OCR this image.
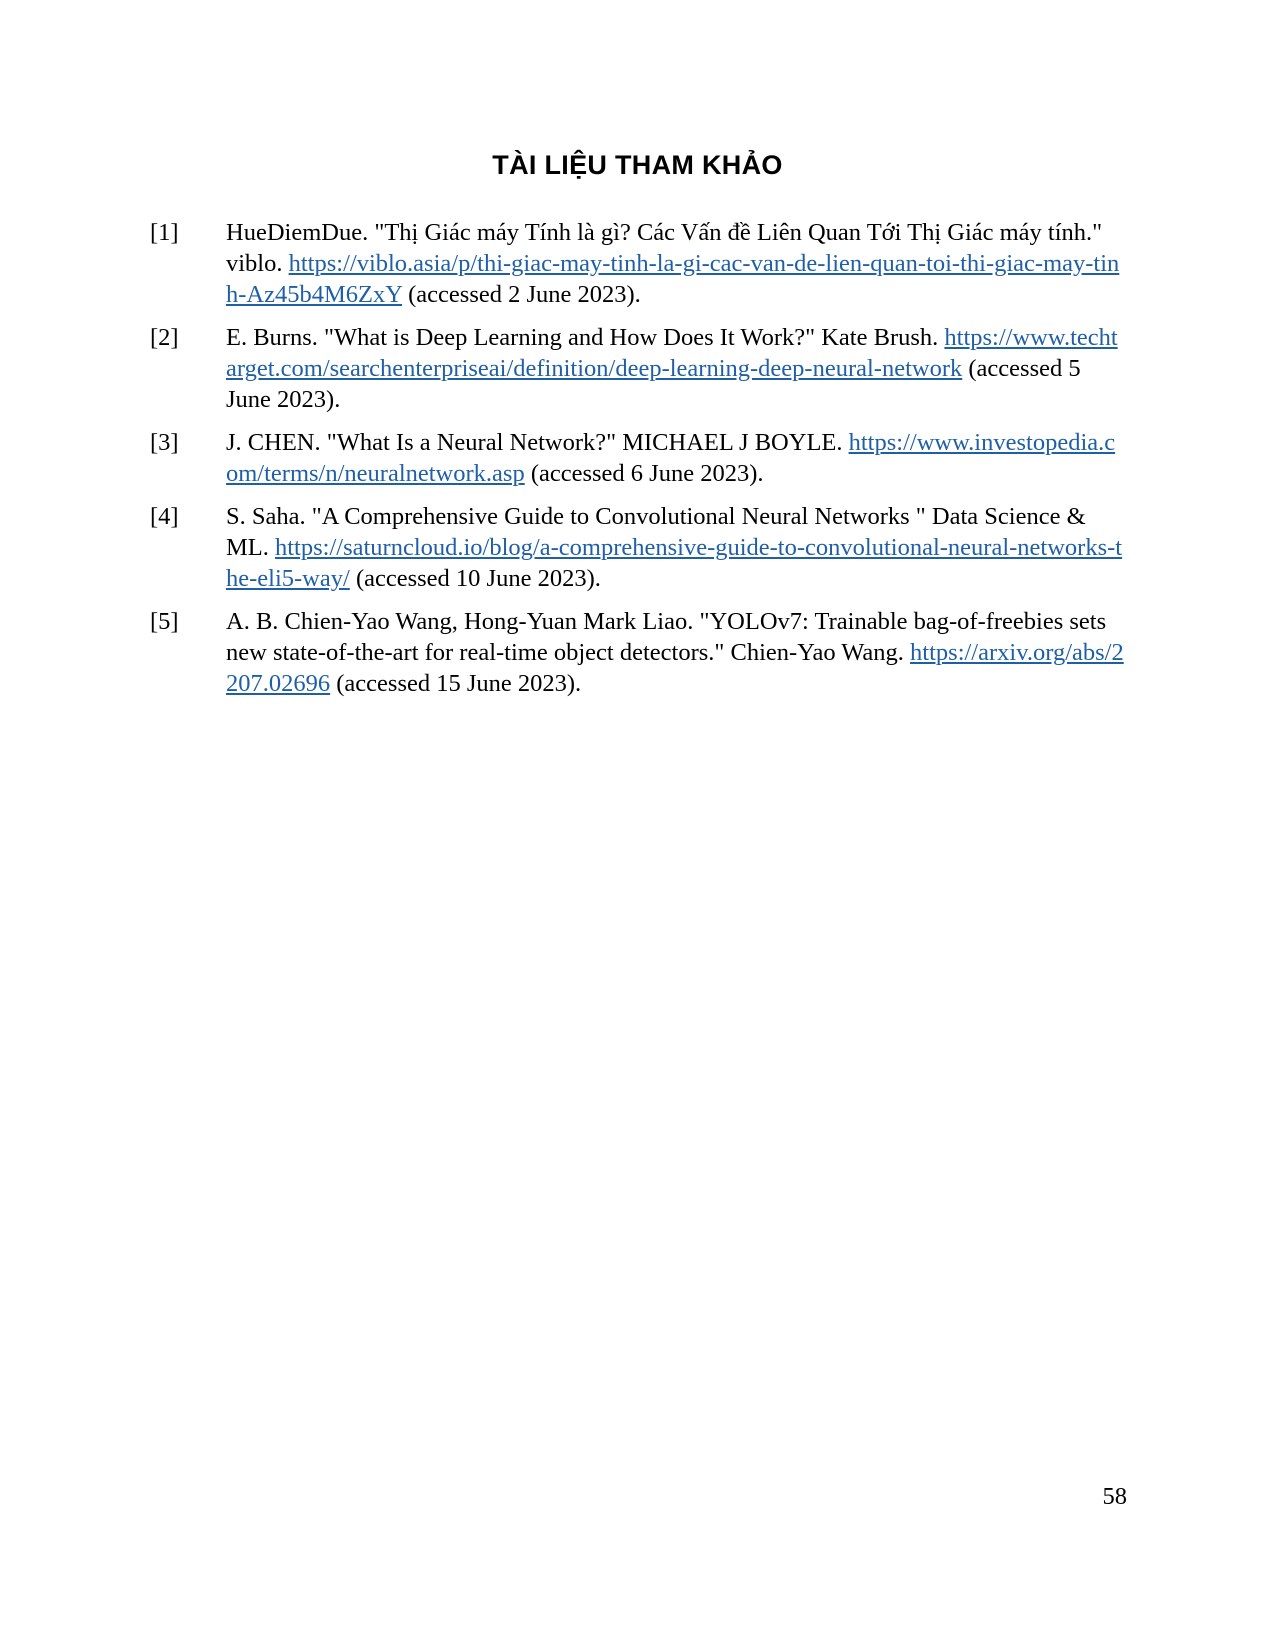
TÀI LIỆU THAM KHẢO
[1]	HueDiemDue. "Thị Giác máy Tính là gì? Các Vấn đề Liên Quan Tới Thị Giác máy tính." viblo. https://viblo.asia/p/thi-giac-may-tinh-la-gi-cac-van-de-lien-quan-toi-thi-giac-may-tinh-Az45b4M6ZxY (accessed 2 June 2023).
[2]	E. Burns. "What is Deep Learning and How Does It Work?" Kate Brush. https://www.techtarget.com/searchenterpriseai/definition/deep-learning-deep-neural-network (accessed 5 June 2023).
[3]	J. CHEN. "What Is a Neural Network?" MICHAEL J BOYLE. https://www.investopedia.com/terms/n/neuralnetwork.asp (accessed 6 June 2023).
[4]	S. Saha. "A Comprehensive Guide to Convolutional Neural Networks " Data Science & ML. https://saturncloud.io/blog/a-comprehensive-guide-to-convolutional-neural-networks-the-eli5-way/ (accessed 10 June 2023).
[5]	A. B. Chien-Yao Wang, Hong-Yuan Mark Liao. "YOLOv7: Trainable bag-of-freebies sets new state-of-the-art for real-time object detectors." Chien-Yao Wang. https://arxiv.org/abs/2207.02696 (accessed 15 June 2023).
58
